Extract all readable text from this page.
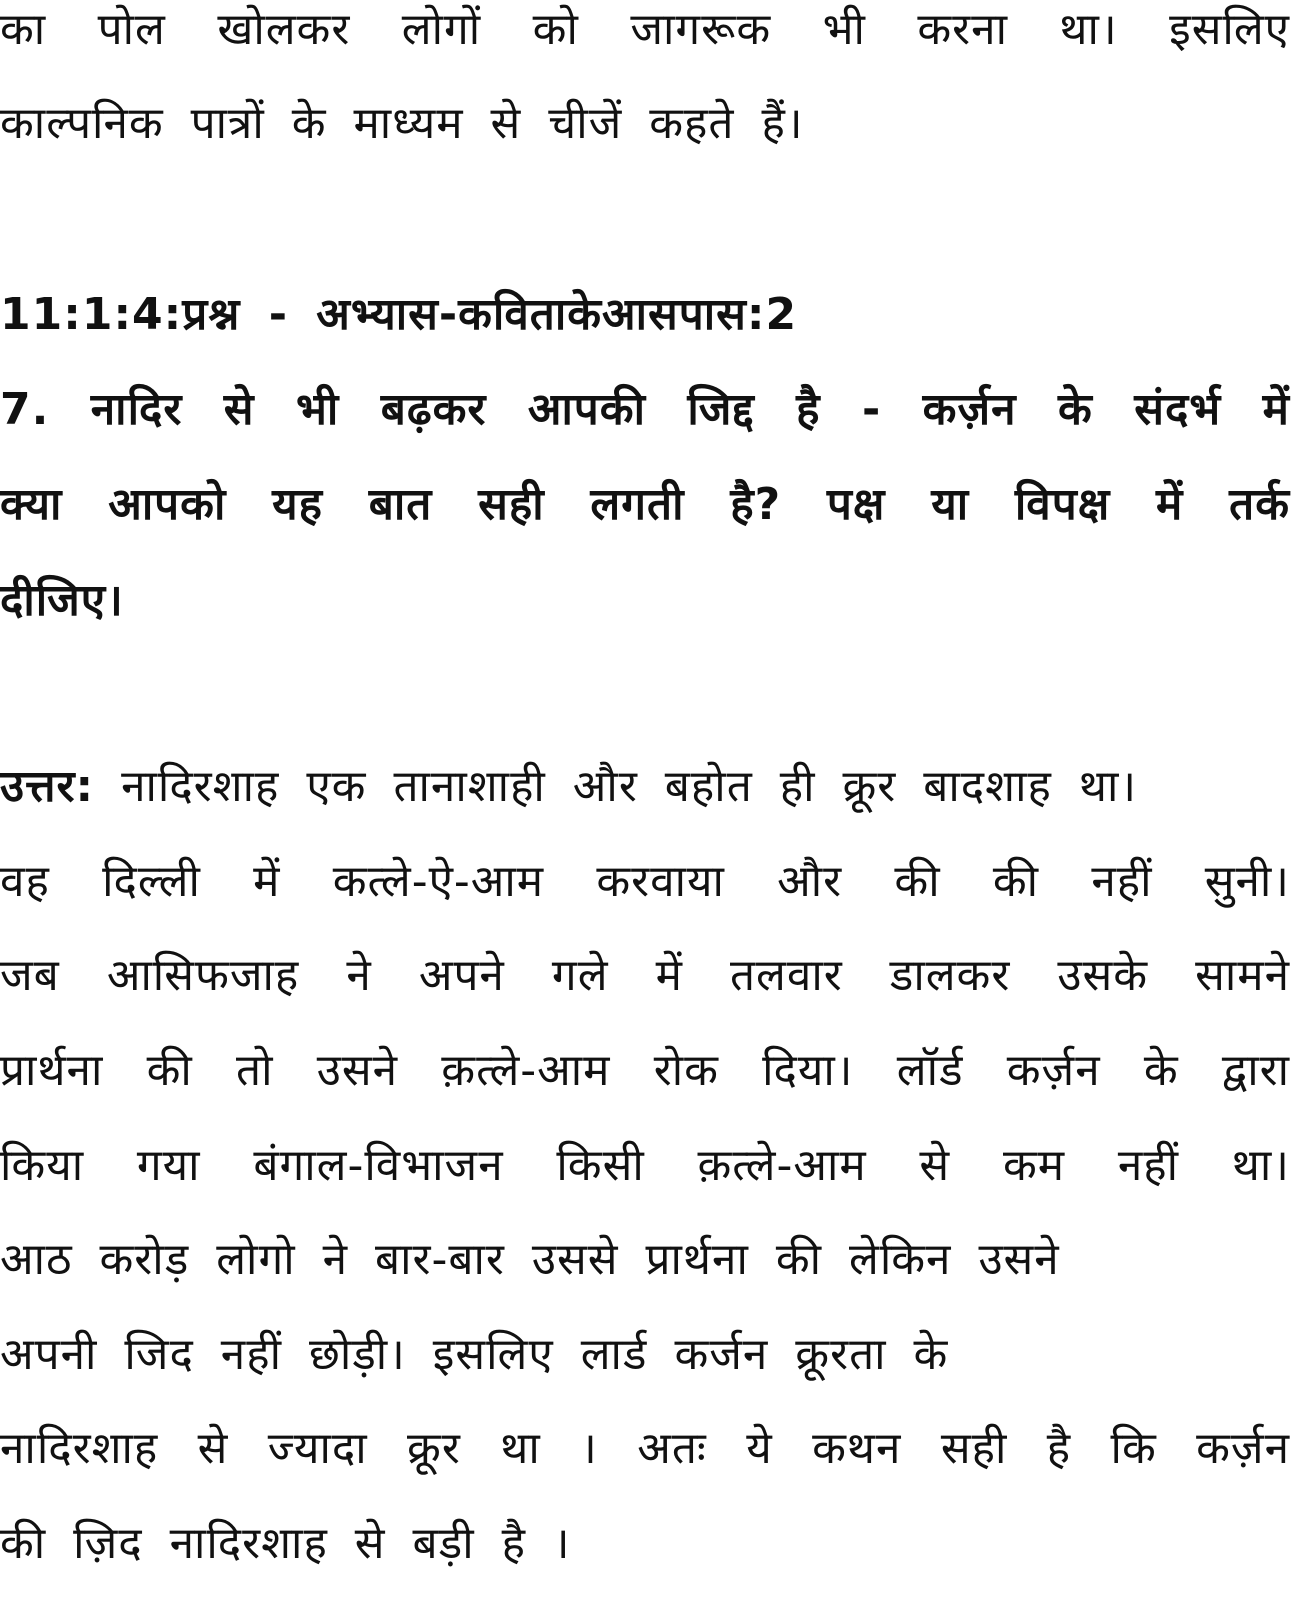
का पोल खोलकर लोगों को जागरूक भी करना था। इसलिए
काल्पनिक पात्रों के माध्यम से चीजें कहते हैं।
11:1:4:प्रश्न - अभ्यास-कविताकेआसपास:2
7. नादिर से भी बढ़कर आपकी जिद्द है - कर्ज़न के संदर्भ में
क्या आपको यह बात सही लगती है? पक्ष या विपक्ष में तर्क
दीजिए।
उत्तर: नादिरशाह एक तानाशाही और बहोत ही क्रूर बादशाह था।
वह दिल्ली में कत्ले-ऐ-आम करवाया और की की नहीं सुनी।
जब आसिफजाह ने अपने गले में तलवार डालकर उसके सामने
प्रार्थना की तो उसने क़त्ले-आम रोक दिया। लॉर्ड कर्ज़न के द्वारा
किया गया बंगाल-विभाजन किसी क़त्ले-आम से कम नहीं था।
आठ करोड़ लोगो ने बार-बार उससे प्रार्थना की लेकिन उसने
अपनी जिद नहीं छोड़ी। इसलिए लार्ड कर्जन क्रूरता के
नादिरशाह से ज्यादा क्रूर था । अतः ये कथन सही है कि कर्ज़न
की ज़िद नादिरशाह से बड़ी है ।
